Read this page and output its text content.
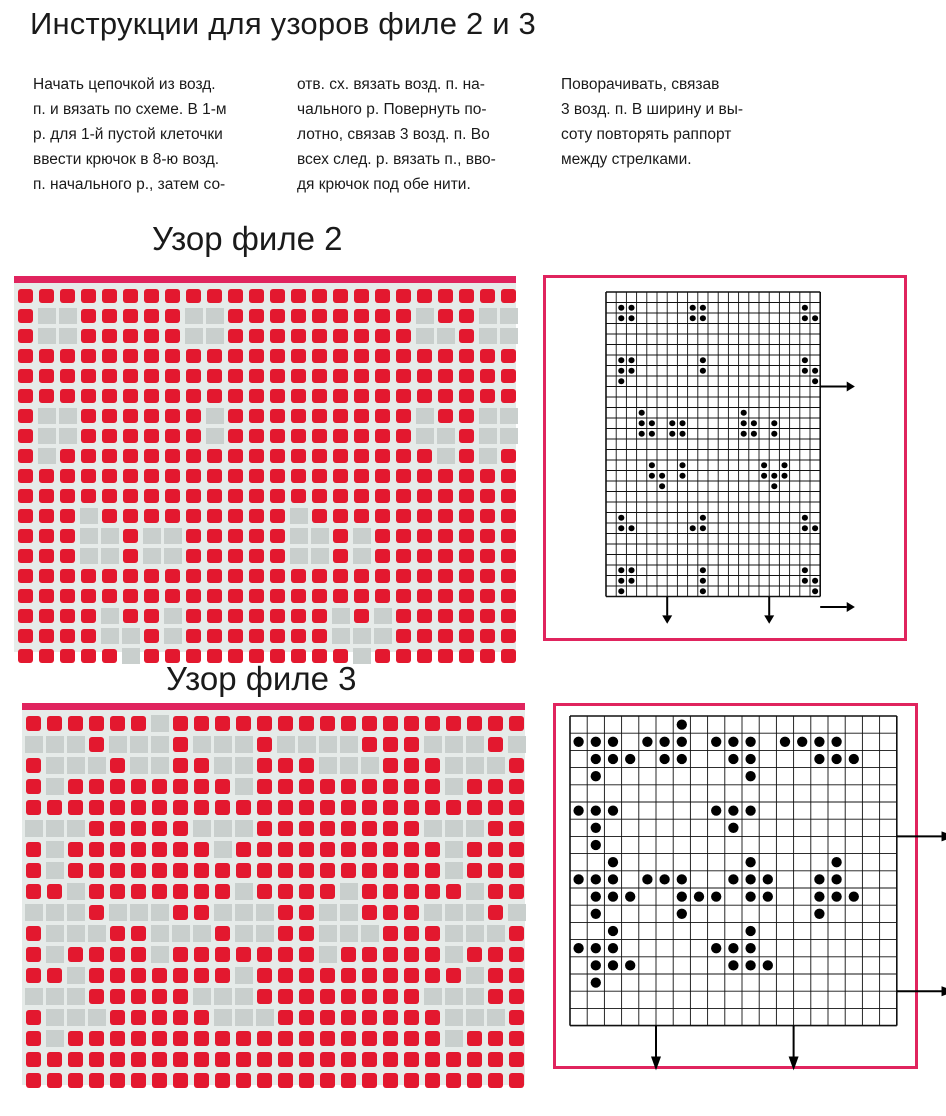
Инструкции для узоров филе 2 и 3
Начать цепочкой из возд.
п. и вязать по схеме. В 1-м
р. для 1-й пустой клеточки
ввести крючок в 8-ю возд.
п. начального р., затем со-
отв. сх. вязать возд. п. на-
чального р. Повернуть по-
лотно, связав 3 возд. п. Во
всех след. р. вязать п., вво-
дя крючок под обе нити.
Поворачивать, связав
3 возд. п. В ширину и вы-
соту повторять раппорт
между стрелками.
Узор филе 2
Узор филе 3
